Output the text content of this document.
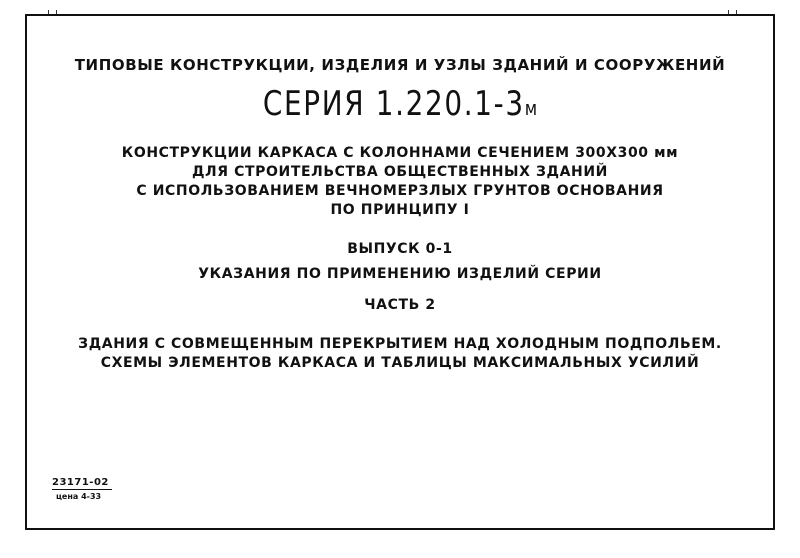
ТИПОВЫЕ КОНСТРУКЦИИ, ИЗДЕЛИЯ И УЗЛЫ ЗДАНИЙ И СООРУЖЕНИЙ
СЕРИЯ 1.220.1-3м
КОНСТРУКЦИИ КАРКАСА С КОЛОННАМИ СЕЧЕНИЕМ 300Х300 мм
ДЛЯ СТРОИТЕЛЬСТВА ОБЩЕСТВЕННЫХ ЗДАНИЙ
С ИСПОЛЬЗОВАНИЕМ ВЕЧНОМЕРЗЛЫХ ГРУНТОВ ОСНОВАНИЯ
ПО ПРИНЦИПУ I
ВЫПУСК 0-1
УКАЗАНИЯ ПО ПРИМЕНЕНИЮ ИЗДЕЛИЙ СЕРИИ
ЧАСТЬ 2
ЗДАНИЯ С СОВМЕЩЕННЫМ ПЕРЕКРЫТИЕМ НАД ХОЛОДНЫМ ПОДПОЛЬЕМ.
СХЕМЫ ЭЛЕМЕНТОВ КАРКАСА И ТАБЛИЦЫ МАКСИМАЛЬНЫХ УСИЛИЙ
23171-02
цена 4-33
